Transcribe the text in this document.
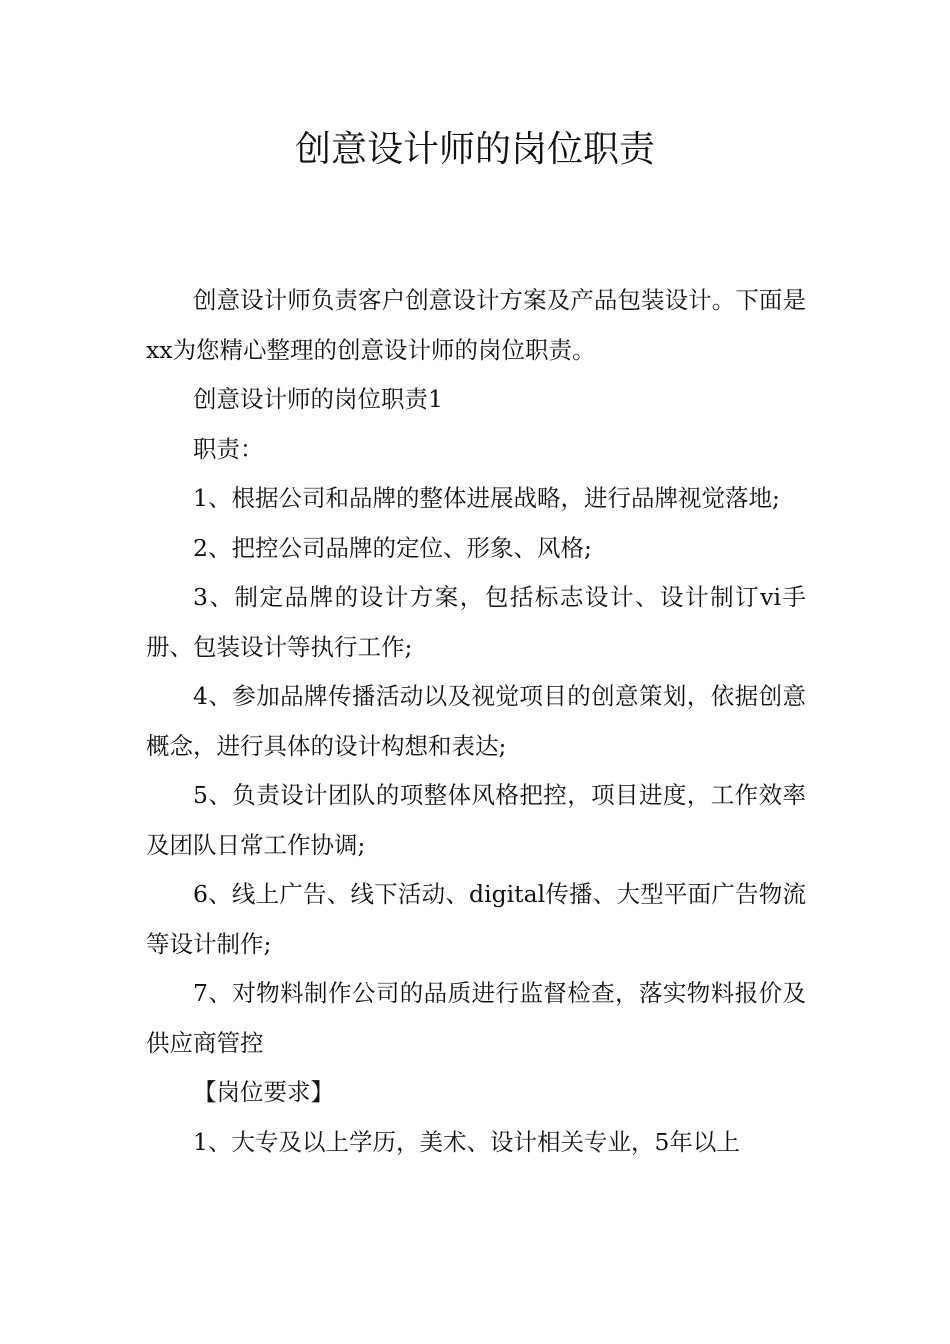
创意设计师的岗位职责

创意设计师负责客户创意设计方案及产品包装设计。下面是xx为您精心整理的创意设计师的岗位职责。

创意设计师的岗位职责1

职责：

1、根据公司和品牌的整体进展战略，进行品牌视觉落地;

2、把控公司品牌的定位、形象、风格;

3、制定品牌的设计方案，包括标志设计、设计制订vi手册、包装设计等执行工作;

4、参加品牌传播活动以及视觉项目的创意策划，依据创意概念，进行具体的设计构想和表达;

5、负责设计团队的项整体风格把控，项目进度，工作效率及团队日常工作协调;

6、线上广告、线下活动、digital传播、大型平面广告物流等设计制作;

7、对物料制作公司的品质进行监督检查，落实物料报价及供应商管控

【岗位要求】

1、大专及以上学历，美术、设计相关专业，5年以上
